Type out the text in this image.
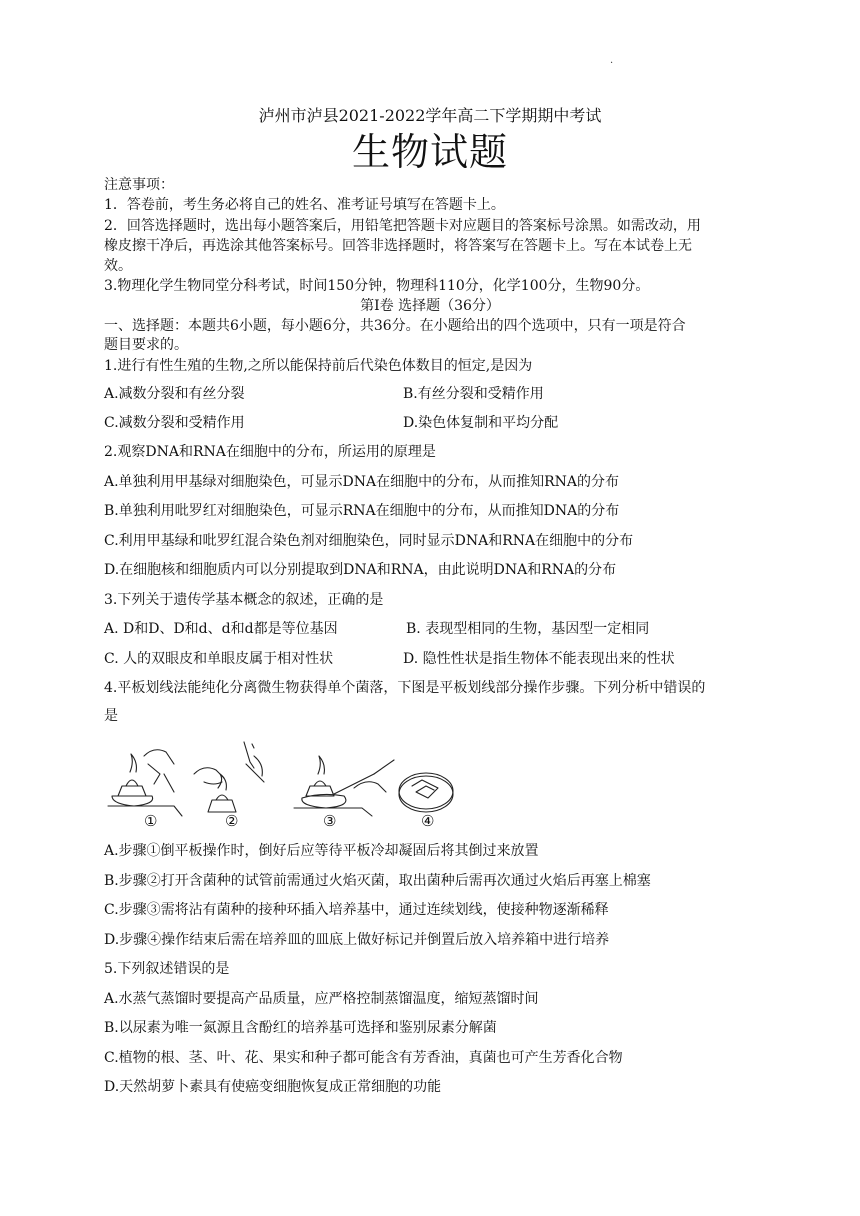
·
泸州市泸县2021-2022学年高二下学期期中考试
生物试题
注意事项：
1．答卷前，考生务必将自己的姓名、准考证号填写在答题卡上。
2．回答选择题时，选出每小题答案后，用铅笔把答题卡对应题目的答案标号涂黑。如需改动，用
橡皮擦干净后，再选涂其他答案标号。回答非选择题时，将答案写在答题卡上。写在本试卷上无
效。
3.物理化学生物同堂分科考试，时间150分钟，物理科110分，化学100分，生物90分。
第Ⅰ卷 选择题（36分）
一、选择题：本题共6小题，每小题6分，共36分。在小题给出的四个选项中，只有一项是符合
题目要求的。
1.进行有性生殖的生物,之所以能保持前后代染色体数目的恒定,是因为
A.减数分裂和有丝分裂	B.有丝分裂和受精作用
C.减数分裂和受精作用	D.染色体复制和平均分配
2.观察DNA和RNA在细胞中的分布，所运用的原理是
A.单独利用甲基绿对细胞染色，可显示DNA在细胞中的分布，从而推知RNA的分布
B.单独利用吡罗红对细胞染色，可显示RNA在细胞中的分布，从而推知DNA的分布
C.利用甲基绿和吡罗红混合染色剂对细胞染色，同时显示DNA和RNA在细胞中的分布
D.在细胞核和细胞质内可以分别提取到DNA和RNA，由此说明DNA和RNA的分布
3.下列关于遗传学基本概念的叙述，正确的是
A. D和D、D和d、d和d都是等位基因	B. 表现型相同的生物，基因型一定相同
C. 人的双眼皮和单眼皮属于相对性状	D. 隐性性状是指生物体不能表现出来的性状
4.平板划线法能纯化分离微生物获得单个菌落，下图是平板划线部分操作步骤。下列分析中错误的
是
①	②	③	④
A.步骤①倒平板操作时，倒好后应等待平板冷却凝固后将其倒过来放置
B.步骤②打开含菌种的试管前需通过火焰灭菌，取出菌种后需再次通过火焰后再塞上棉塞
C.步骤③需将沾有菌种的接种环插入培养基中，通过连续划线，使接种物逐渐稀释
D.步骤④操作结束后需在培养皿的皿底上做好标记并倒置后放入培养箱中进行培养
5.下列叙述错误的是
A.水蒸气蒸馏时要提高产品质量，应严格控制蒸馏温度，缩短蒸馏时间
B.以尿素为唯一氮源且含酚红的培养基可选择和鉴别尿素分解菌
C.植物的根、茎、叶、花、果实和种子都可能含有芳香油，真菌也可产生芳香化合物
D.天然胡萝卜素具有使癌变细胞恢复成正常细胞的功能
